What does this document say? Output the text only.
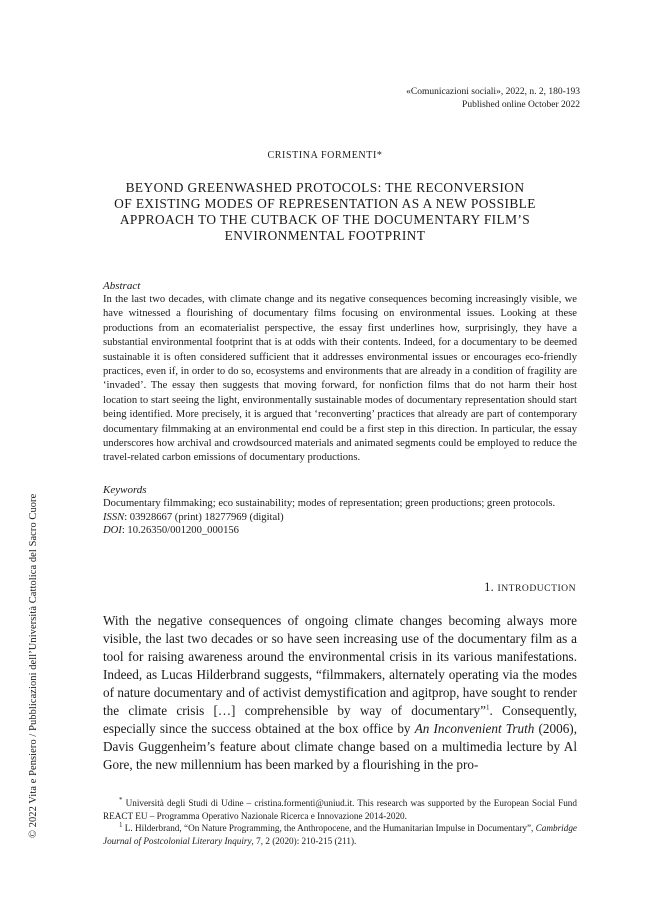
«Comunicazioni sociali», 2022, n. 2, 180-193
Published online October 2022
CRISTINA FORMENTI*
BEYOND GREENWASHED PROTOCOLS: THE RECONVERSION
OF EXISTING MODES OF REPRESENTATION AS A NEW POSSIBLE
APPROACH TO THE CUTBACK OF THE DOCUMENTARY FILM’S
ENVIRONMENTAL FOOTPRINT
Abstract

In the last two decades, with climate change and its negative consequences becoming increasingly visible, we have witnessed a flourishing of documentary films focusing on environmental issues. Looking at these productions from an ecomaterialist perspective, the essay first underlines how, surprisingly, they have a substantial environmental footprint that is at odds with their contents. Indeed, for a documentary to be deemed sustainable it is often considered sufficient that it addresses environmental issues or encourages eco-friendly practices, even if, in order to do so, ecosystems and environments that are already in a condition of fragility are ‘invaded’. The essay then suggests that moving forward, for nonfiction films that do not harm their host location to start seeing the light, environmentally sustainable modes of documentary representation should start being identified. More precisely, it is argued that ‘reconverting’ practices that already are part of contemporary documentary filmmaking at an environmental end could be a first step in this direction. In particular, the essay underscores how archival and crowdsourced materials and animated segments could be employed to reduce the travel-related carbon emissions of documentary productions.

Keywords

Documentary filmmaking; eco sustainability; modes of representation; green productions; green protocols.

ISSN: 03928667 (print) 18277969 (digital)
DOI: 10.26350/001200_000156
1. INTRODUCTION

With the negative consequences of ongoing climate changes becoming always more visible, the last two decades or so have seen increasing use of the documentary film as a tool for raising awareness around the environmental crisis in its various manifestations. Indeed, as Lucas Hilderbrand suggests, “filmmakers, alternately operating via the modes of nature documentary and of activist demystification and agitprop, have sought to render the climate crisis […] comprehensible by way of documentary”$^1$. Consequently, especially since the success obtained at the box office by An Inconvenient Truth (2006), Davis Guggenheim’s feature about climate change based on a multimedia lecture by Al Gore, the new millennium has been marked by a flourishing in the pro-

* Università degli Studi di Udine – cristina.formenti@uniud.it. This research was supported by the European Social Fund REACT EU – Programma Operativo Nazionale Ricerca e Innovazione 2014-2020.

$^1$ L. Hilderbrand, “On Nature Programming, the Anthropocene, and the Humanitarian Impulse in Documentary”, Cambridge Journal of Postcolonial Literary Inquiry, 7, 2 (2020): 210-215 (211).

© 2022 Vita e Pensiero / Pubblicazioni dell’Università Cattolica del Sacro Cuore
